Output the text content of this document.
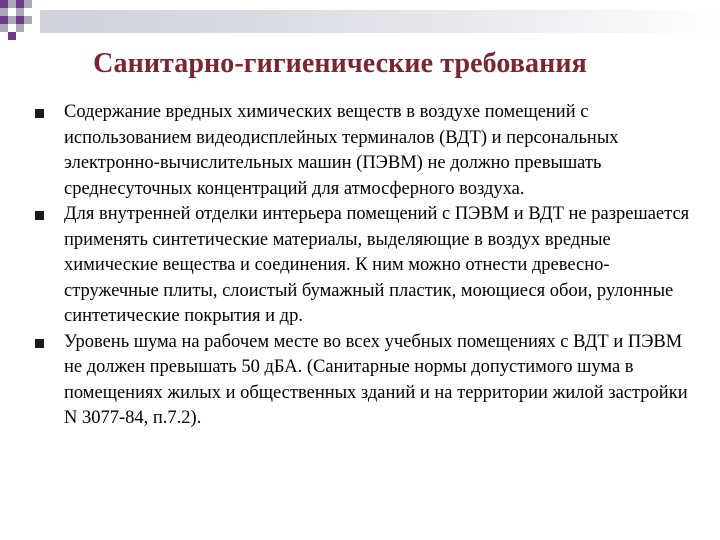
Санитарно-гигиенические требования
Содержание вредных химических веществ в воздухе помещений с использованием видеодисплейных терминалов (ВДТ) и персональных электронно-вычислительных машин (ПЭВМ) не должно превышать среднесуточных концентраций для атмосферного воздуха.
Для внутренней отделки интерьера помещений с ПЭВМ и ВДТ не разрешается применять синтетические материалы, выделяющие в воздух вредные химические вещества и соединения. К ним можно отнести древесно-стружечные плиты, слоистый бумажный пластик, моющиеся обои, рулонные синтетические покрытия и др.
Уровень шума на рабочем месте во всех учебных помещениях с ВДТ и ПЭВМ не должен превышать 50 дБА. (Санитарные нормы допустимого шума в помещениях жилых и общественных зданий и на территории жилой застройки N 3077-84, п.7.2).
